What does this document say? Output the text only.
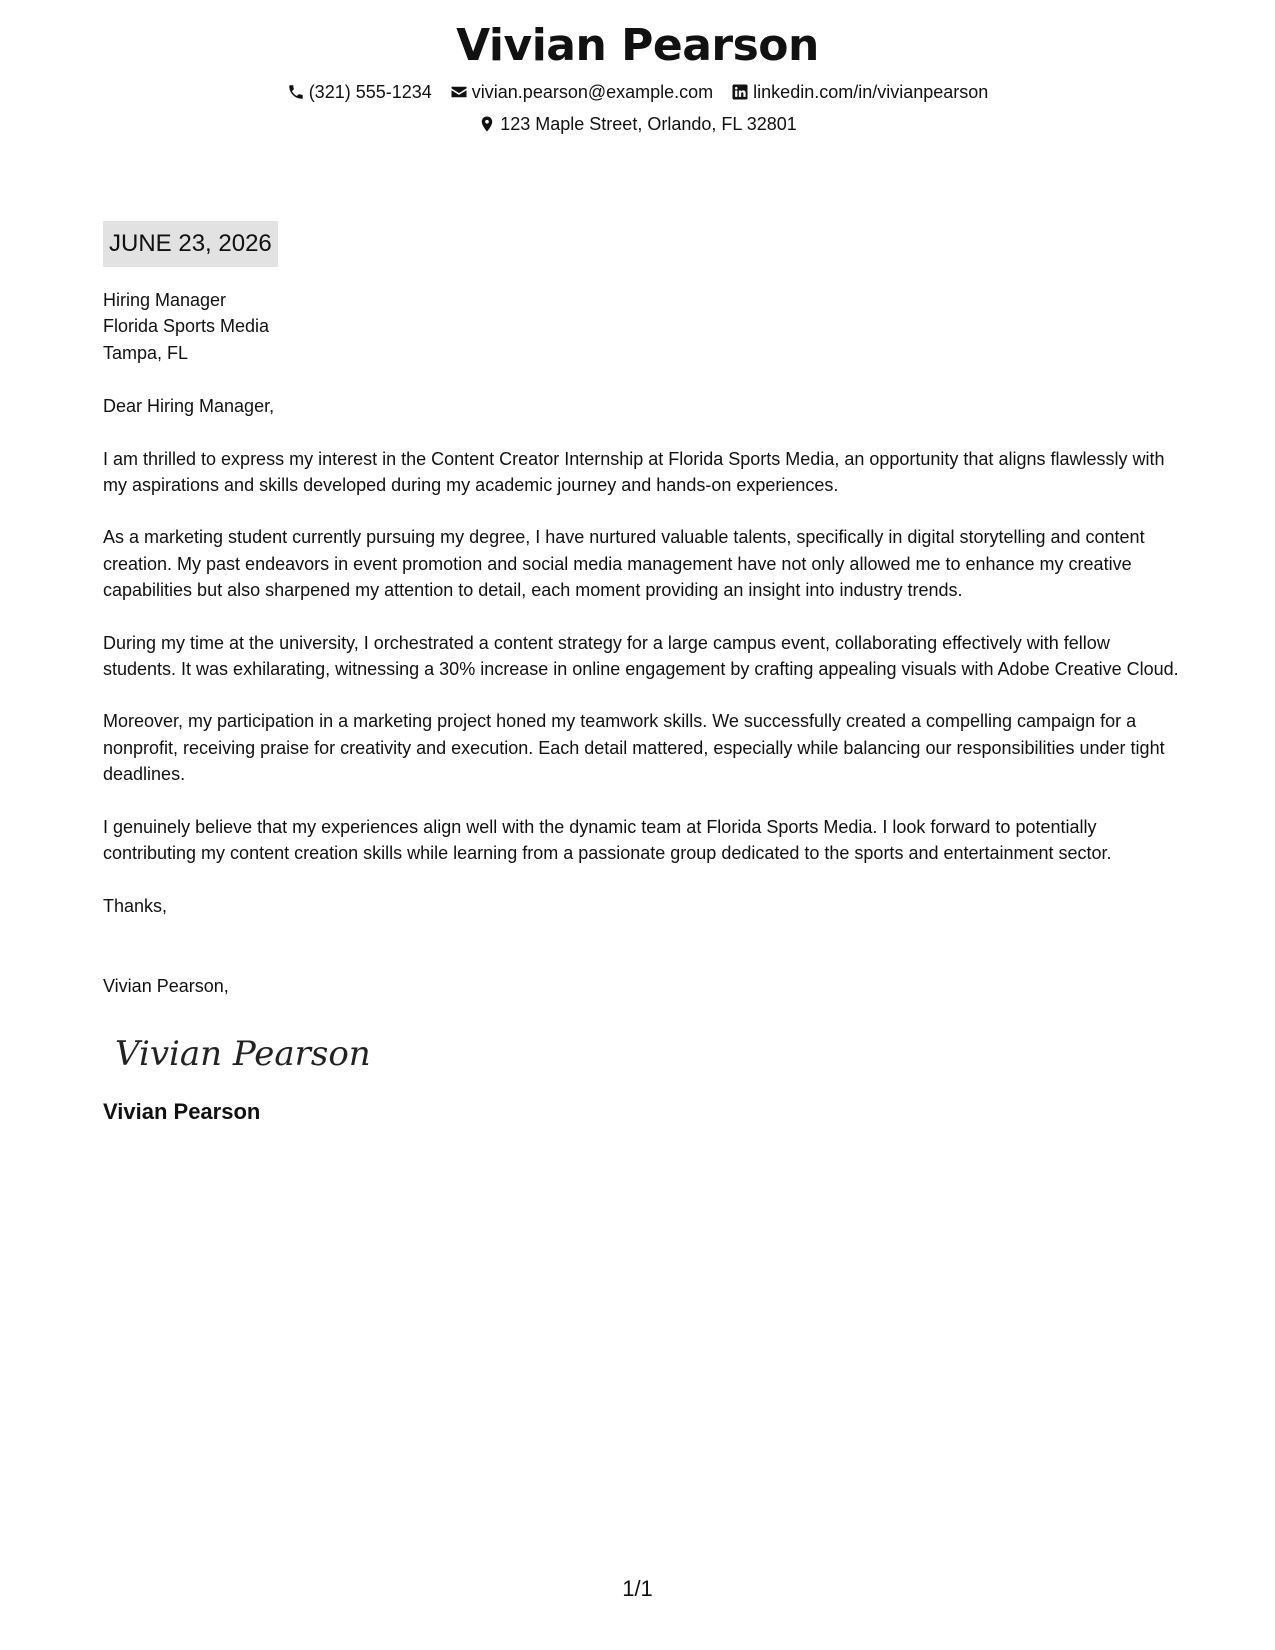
Vivian Pearson
(321) 555-1234 vivian.pearson@example.com linkedin.com/in/vivianpearson
123 Maple Street, Orlando, FL 32801
JUNE 23, 2026

Hiring Manager

Florida Sports Media

Tampa, FL

Dear Hiring Manager,

I am thrilled to express my interest in the Content Creator Internship at Florida Sports Media, an opportunity that aligns flawlessly with my aspirations and skills developed during my academic journey and hands-on experiences.

As a marketing student currently pursuing my degree, I have nurtured valuable talents, specifically in digital storytelling and content creation. My past endeavors in event promotion and social media management have not only allowed me to enhance my creative capabilities but also sharpened my attention to detail, each moment providing an insight into industry trends.

During my time at the university, I orchestrated a content strategy for a large campus event, collaborating effectively with fellow students. It was exhilarating, witnessing a 30% increase in online engagement by crafting appealing visuals with Adobe Creative Cloud.

Moreover, my participation in a marketing project honed my teamwork skills. We successfully created a compelling campaign for a nonprofit, receiving praise for creativity and execution. Each detail mattered, especially while balancing our responsibilities under tight deadlines.

I genuinely believe that my experiences align well with the dynamic team at Florida Sports Media. I look forward to potentially contributing my content creation skills while learning from a passionate group dedicated to the sports and entertainment sector.

Thanks,

Vivian Pearson,

Vivian Pearson

Vivian Pearson

1/1
